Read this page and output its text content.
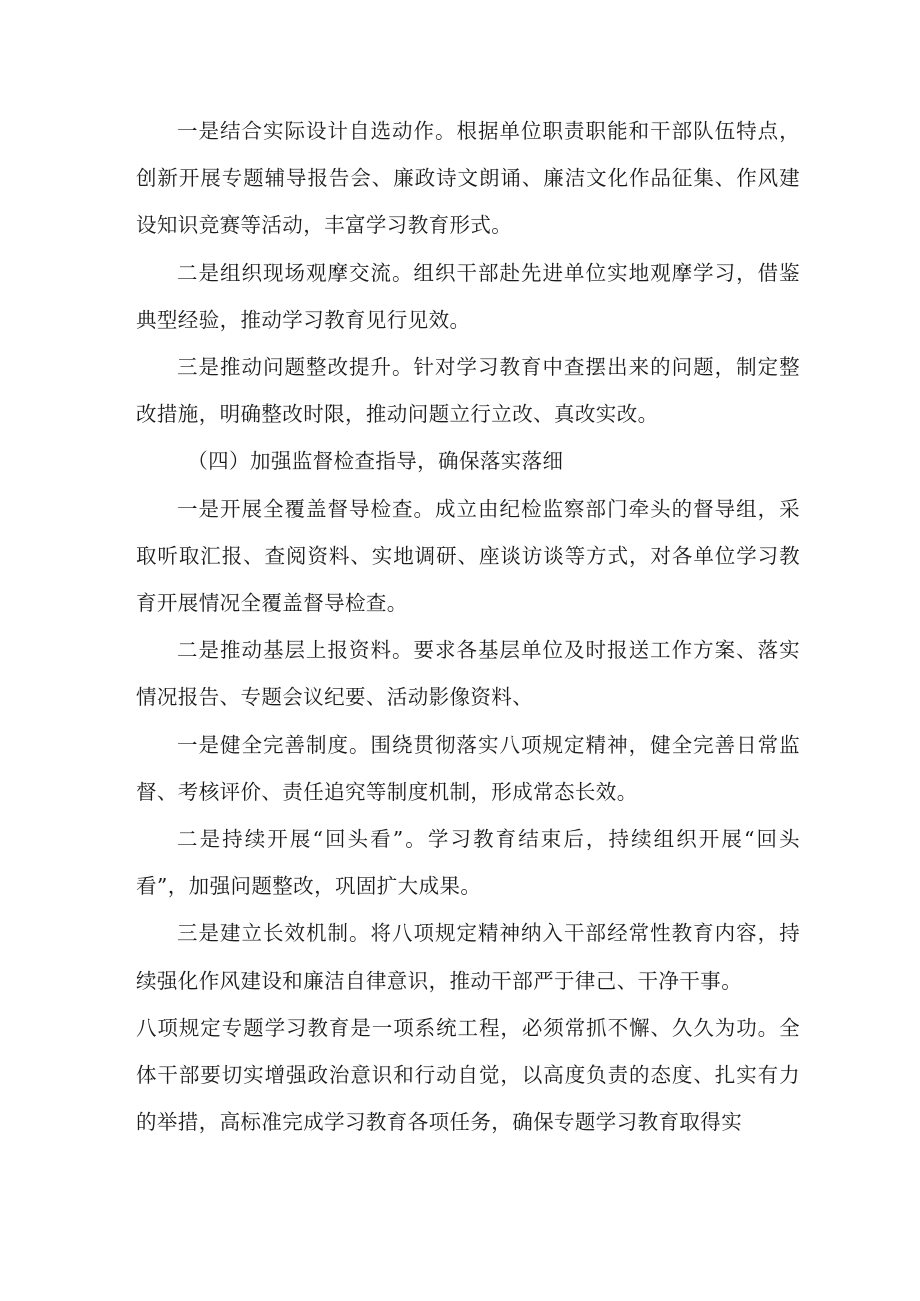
一是结合实际设计自选动作。根据单位职责职能和干部队伍特点，创新开展专题辅导报告会、廉政诗文朗诵、廉洁文化作品征集、作风建设知识竞赛等活动，丰富学习教育形式。

二是组织现场观摩交流。组织干部赴先进单位实地观摩学习，借鉴典型经验，推动学习教育见行见效。

三是推动问题整改提升。针对学习教育中查摆出来的问题，制定整改措施，明确整改时限，推动问题立行立改、真改实改。

（四）加强监督检查指导，确保落实落细

一是开展全覆盖督导检查。成立由纪检监察部门牵头的督导组，采取听取汇报、查阅资料、实地调研、座谈访谈等方式，对各单位学习教育开展情况全覆盖督导检查。

二是推动基层上报资料。要求各基层单位及时报送工作方案、落实情况报告、专题会议纪要、活动影像资料、

一是健全完善制度。围绕贯彻落实八项规定精神，健全完善日常监督、考核评价、责任追究等制度机制，形成常态长效。

二是持续开展“回头看”。学习教育结束后，持续组织开展“回头看”，加强问题整改，巩固扩大成果。

三是建立长效机制。将八项规定精神纳入干部经常性教育内容，持续强化作风建设和廉洁自律意识，推动干部严于律己、干净干事。

八项规定专题学习教育是一项系统工程，必须常抓不懈、久久为功。全体干部要切实增强政治意识和行动自觉，以高度负责的态度、扎实有力的举措，高标准完成学习教育各项任务，确保专题学习教育取得实
